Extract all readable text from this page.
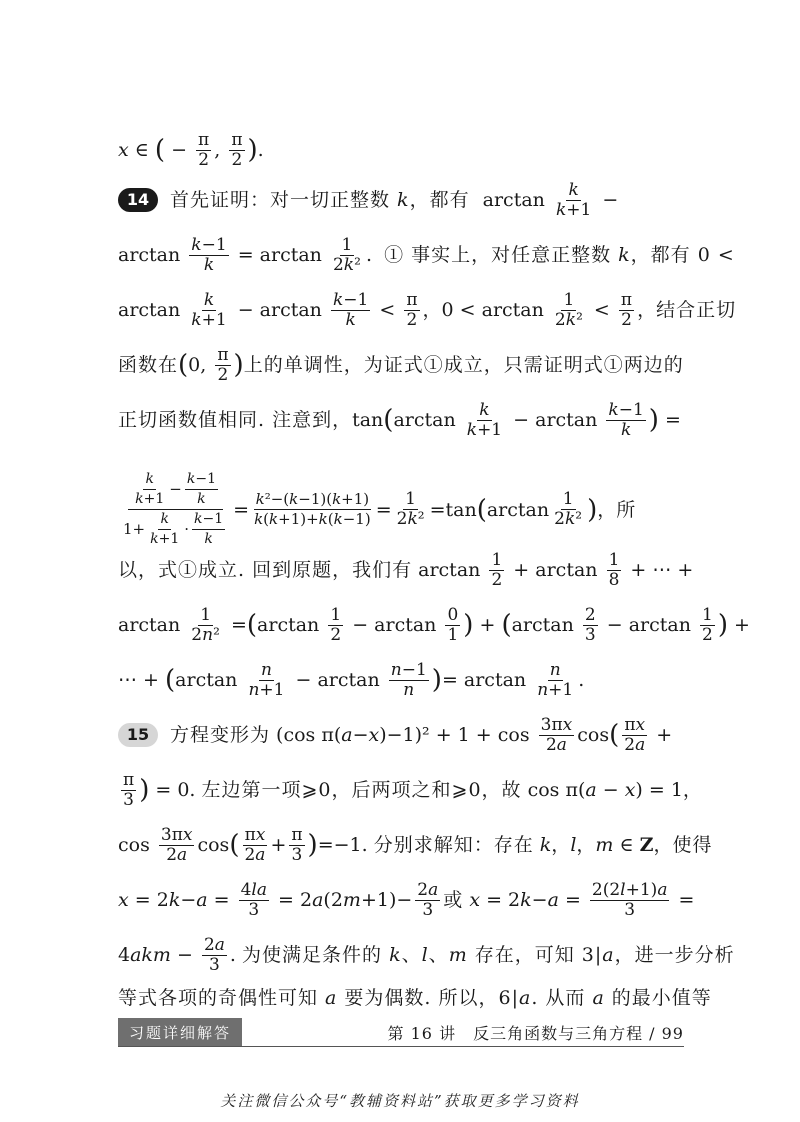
x ∈ ( − $\frac{\pi}{2}$ , $\frac{\pi}{2}$ ) .
14	首先证明：对一切正整数 k，都有 $\arctan \frac{k}{k+1}$ −
$\arctan \frac{k-1}{k} = \arctan \frac{1}{\text{2k²}}$ . ① 事实上，对任意正整数 k，都有 0 <
$\arctan \frac{k}{k+1} - \arctan \frac{k-1}{k} < \frac{\pi}{2}$ ，$0 < \arctan \frac{1}{\text{2k²}} < \frac{\pi}{2}$ ， 结合正切
函数在 ( 0, $\frac{\pi}{2}$ ) 上的单调性，为证式①成立，只需证明式①两边的
正切函数值相同. 注意到， tan ( $\arctan \frac{k}{k+1} - \arctan \frac{k-1}{k}$ ) =
$\frac{\frac{k}{k+1} - \frac{k-1}{k}}{1+ \frac{k}{k+1} \cdot \frac{k-1}{k}} = \frac{\text{k²−(k−1)(k+1)}}{k(k+1)+k(k-1)} = \frac{1}{\text{2k²}} =\tan$ ( $\arctan \frac{1}{\text{2k²}}$ ) ，所
以，式①成立. 回到原题，我们有 $\arctan \frac{1}{2} + \arctan \frac{1}{8}$ + ⋯ +
$\arctan \frac{1}{\text{2n²}}$ = ( $\arctan \frac{1}{2} - \arctan \frac{0}{1}$ ) + ( $\arctan \frac{2}{3} - \arctan \frac{1}{2}$ ) +
⋯ + ( $\arctan \frac{n}{n+1} - \arctan \frac{n-1}{n}$ ) = $\arctan \frac{n}{n+1}$ .
15	方程变形为 (cos π( a − x )$-1)^2 + 1 + \cos \frac{3\pi x}{2a}$ cos ( $\frac{\pi x}{2a}$ +
$\frac{\pi}{3}$ ) = 0. 左边第一项⩾0，后两项之和⩾0，故 cos π( a − x ) = 1，
$\cos \frac{3\pi x}{2a}$ cos ( $\frac{\pi x}{2a} + \frac{\pi}{3}$ ) =−1. 分别求解知：存在
k ， l ， m ∈ Z ， 使得
x = 2 $k - a = \frac{4la}{3} = 2$ a (2 $m +1)- \frac{2a}{3}$ 或
x = 2 $k - a = \frac{2(2l+1)a}{3}$ =
4 akm − $\frac{2a}{3}$ . 为使满足条件的 k、l、m 存在，可知 3|a，进一步分析
等式各项的奇偶性可知 a 要为偶数. 所以，6|a. 从而 a 的最小值等
习题详细解答	第 16 讲　反三角函数与三角方程 / 99
关注微信公众号“教辅资料站”获取更多学习资料
